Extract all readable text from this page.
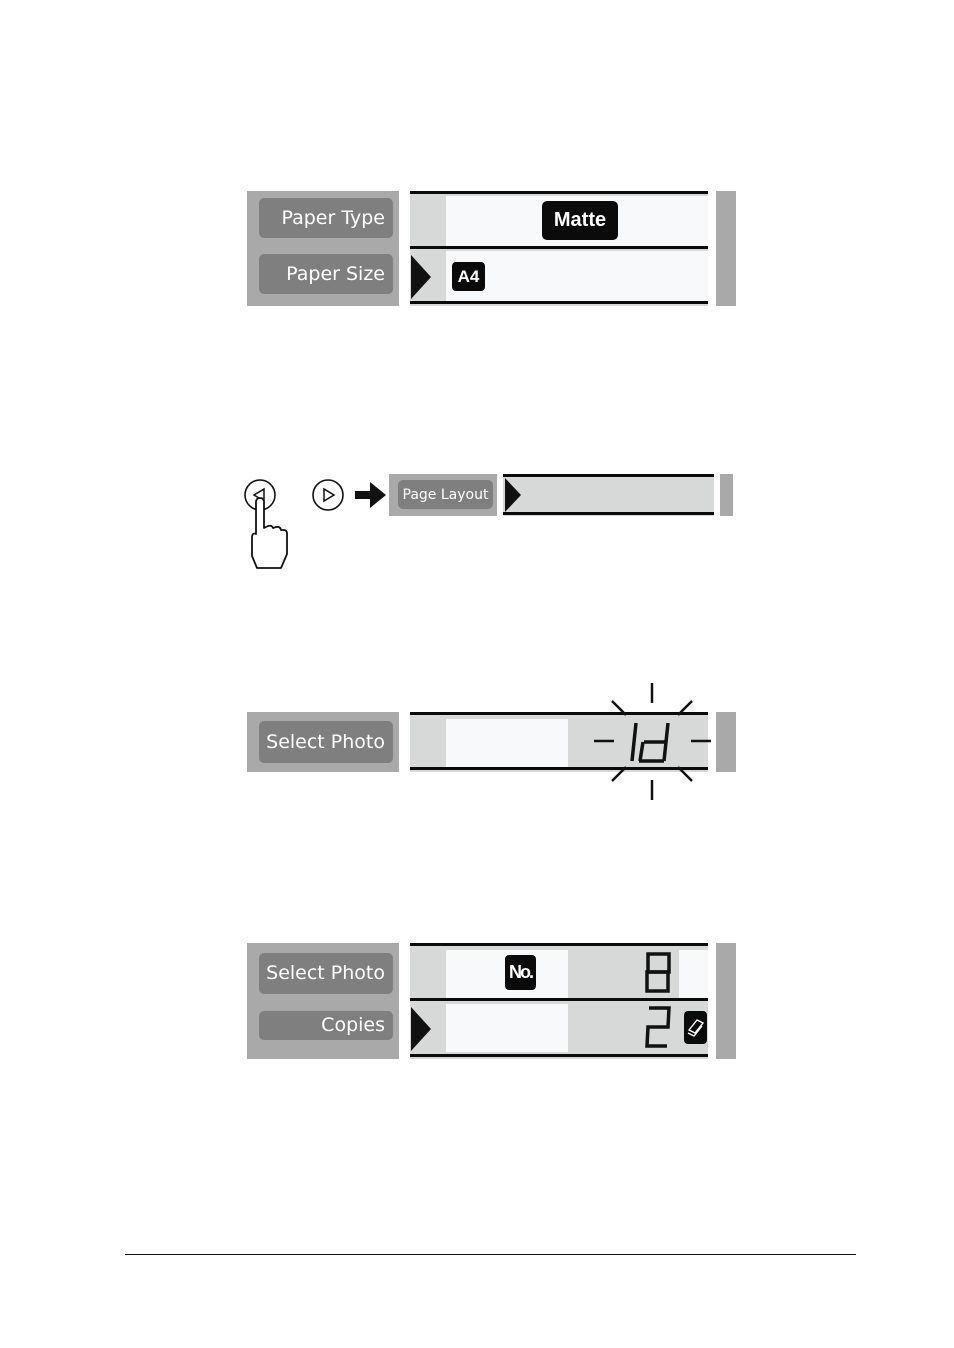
Paper Type
Paper Size
Matte
A4
Page Layout
Select Photo
Select Photo
Copies
No.
